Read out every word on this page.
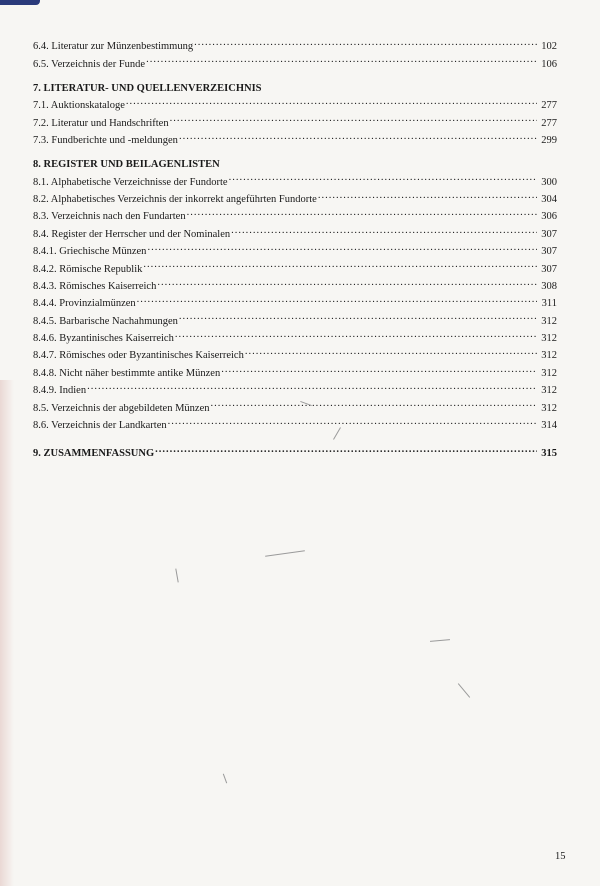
6.4. Literatur zur Münzenbestimmung .....	102
6.5. Verzeichnis der Funde .....	106
7. LITERATUR- UND QUELLENVERZEICHNIS
7.1. Auktionskataloge .....	277
7.2. Literatur und Handschriften .....	277
7.3. Fundberichte und -meldungen .....	299
8. REGISTER UND BEILAGENLISTEN
8.1. Alphabetische Verzeichnisse der Fundorte .....	300
8.2. Alphabetisches Verzeichnis der inkorrekt angeführten Fundorte .....	304
8.3. Verzeichnis nach den Fundarten .....	306
8.4. Register der Herrscher und der Nominalen .....	307
8.4.1. Griechische Münzen .....	307
8.4.2. Römische Republik .....	307
8.4.3. Römisches Kaiserreich .....	308
8.4.4. Provinzialmünzen .....	311
8.4.5. Barbarische Nachahmungen .....	312
8.4.6. Byzantinisches Kaiserreich .....	312
8.4.7. Römisches oder Byzantinisches Kaiserreich .....	312
8.4.8. Nicht näher bestimmte antike Münzen .....	312
8.4.9. Indien .....	312
8.5. Verzeichnis der abgebildeten Münzen .....	312
8.6. Verzeichnis der Landkarten .....	314
9. ZUSAMMENFASSUNG .....	315
15
